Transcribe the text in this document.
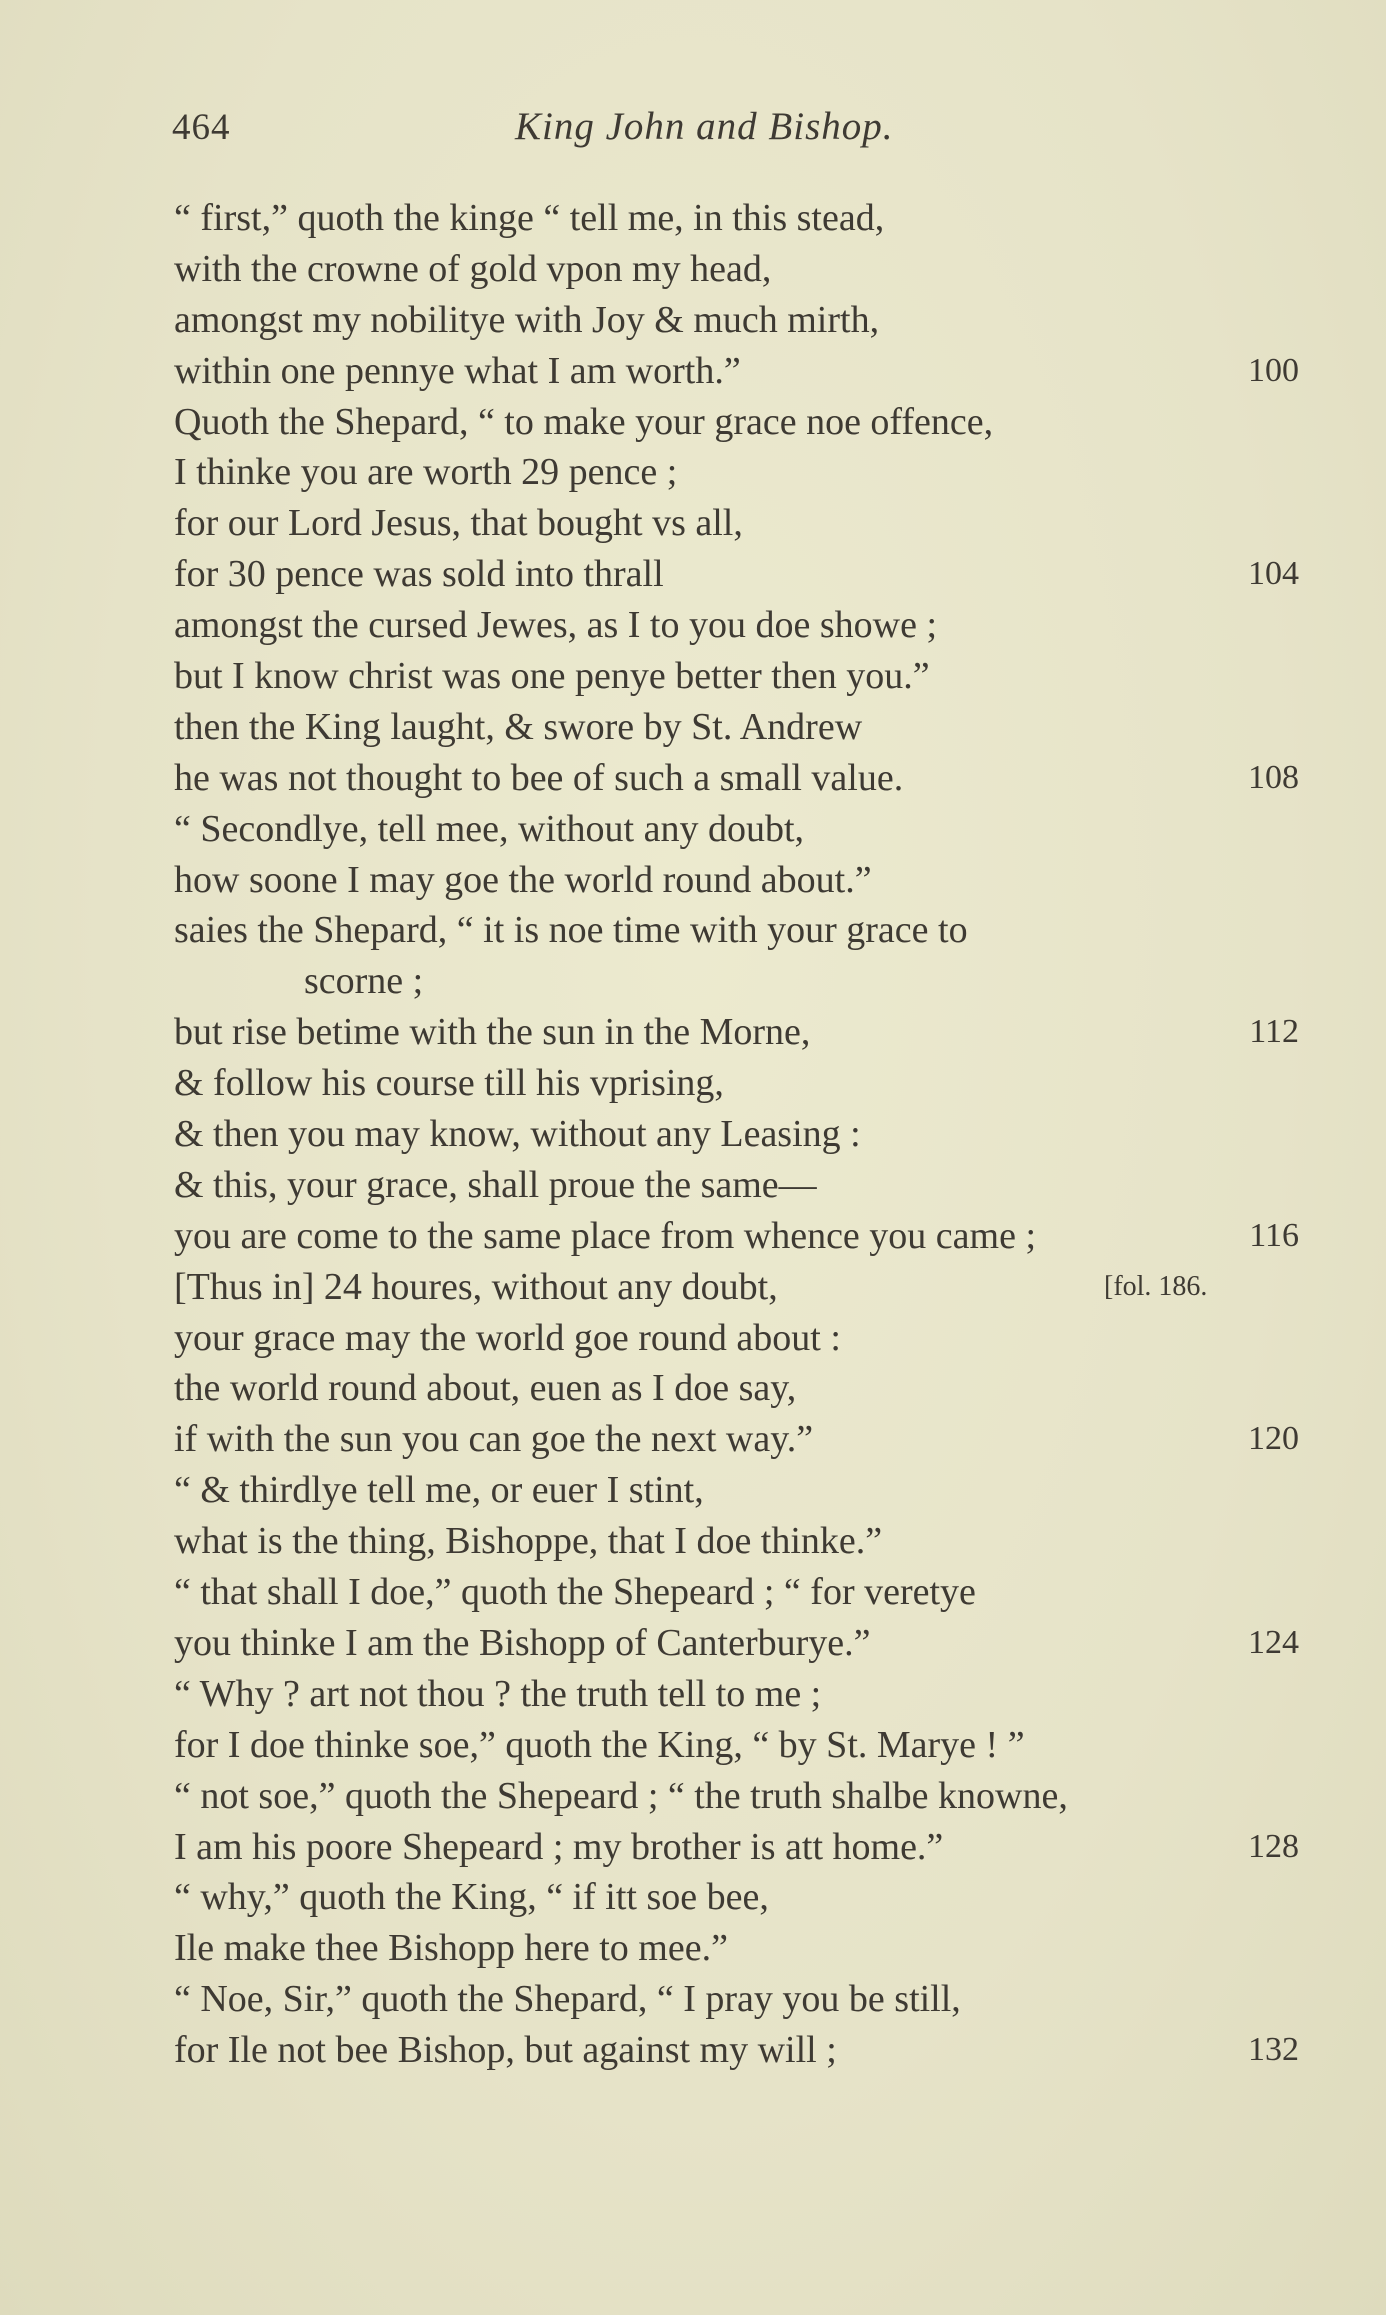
464	King John and Bishop.
“ first,” quoth the kinge “ tell me, in this stead,
with the crowne of gold vpon my head,
amongst my nobilitye with Joy & much mirth,
within one pennye what I am worth.”	100
Quoth the Shepard, “ to make your grace noe offence,
I thinke you are worth 29 pence ;
for our Lord Jesus, that bought vs all,
for 30 pence was sold into thrall	104
amongst the cursed Jewes, as I to you doe showe ;
but I know christ was one penye better then you.”
then the King laught, & swore by St. Andrew
he was not thought to bee of such a small value.	108
“ Secondlye, tell mee, without any doubt,
how soone I may goe the world round about.”
saies the Shepard, “ it is noe time with your grace to
scorne ;
but rise betime with the sun in the Morne,	112
& follow his course till his vprising,
& then you may know, without any Leasing :
& this, your grace, shall proue the same—
you are come to the same place from whence you came ;	116
[Thus in] 24 houres, without any doubt,	[fol. 186.
your grace may the world goe round about :
the world round about, euen as I doe say,
if with the sun you can goe the next way.”	120
“ & thirdlye tell me, or euer I stint,
what is the thing, Bishoppe, that I doe thinke.”
“ that shall I doe,” quoth the Shepeard ; “ for veretye
you thinke I am the Bishopp of Canterburye.”	124
“ Why ? art not thou ? the truth tell to me ;
for I doe thinke soe,” quoth the King, “ by St. Marye ! ”
“ not soe,” quoth the Shepeard ; “ the truth shalbe knowne,
I am his poore Shepeard ; my brother is att home.”	128
“ why,” quoth the King, “ if itt soe bee,
Ile make thee Bishopp here to mee.”
“ Noe, Sir,” quoth the Shepard, “ I pray you be still,
for Ile not bee Bishop, but against my will ;	132
